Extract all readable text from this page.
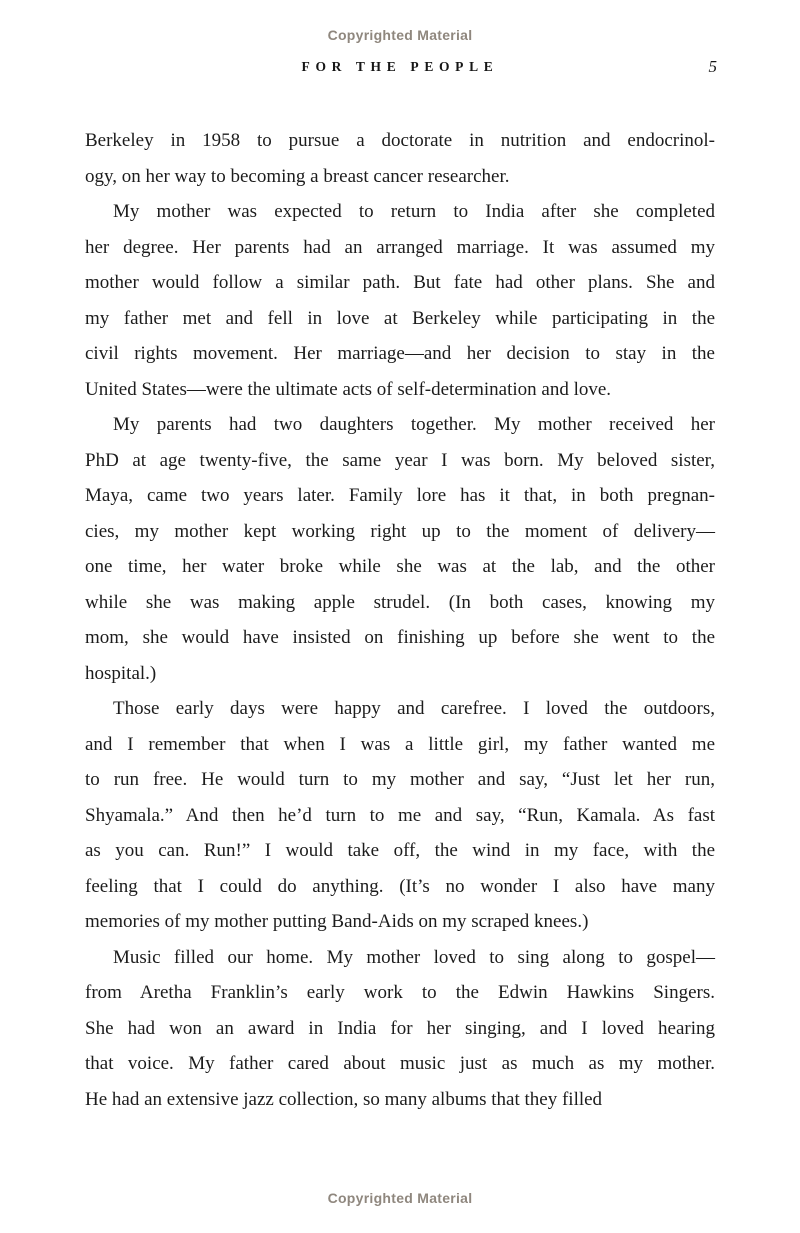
Copyrighted Material
FOR THE PEOPLE	5
Berkeley in 1958 to pursue a doctorate in nutrition and endocrinol-
ogy, on her way to becoming a breast cancer researcher.
My mother was expected to return to India after she completed
her degree. Her parents had an arranged marriage. It was assumed my
mother would follow a similar path. But fate had other plans. She and
my father met and fell in love at Berkeley while participating in the
civil rights movement. Her marriage—and her decision to stay in the
United States—were the ultimate acts of self-determination and love.
My parents had two daughters together. My mother received her
PhD at age twenty-five, the same year I was born. My beloved sister,
Maya, came two years later. Family lore has it that, in both pregnan-
cies, my mother kept working right up to the moment of delivery—
one time, her water broke while she was at the lab, and the other
while she was making apple strudel. (In both cases, knowing my
mom, she would have insisted on finishing up before she went to the
hospital.)
Those early days were happy and carefree. I loved the outdoors,
and I remember that when I was a little girl, my father wanted me
to run free. He would turn to my mother and say, “Just let her run,
Shyamala.” And then he’d turn to me and say, “Run, Kamala. As fast
as you can. Run!” I would take off, the wind in my face, with the
feeling that I could do anything. (It’s no wonder I also have many
memories of my mother putting Band-Aids on my scraped knees.)
Music filled our home. My mother loved to sing along to gospel—
from Aretha Franklin’s early work to the Edwin Hawkins Singers.
She had won an award in India for her singing, and I loved hearing
that voice. My father cared about music just as much as my mother.
He had an extensive jazz collection, so many albums that they filled
Copyrighted Material
